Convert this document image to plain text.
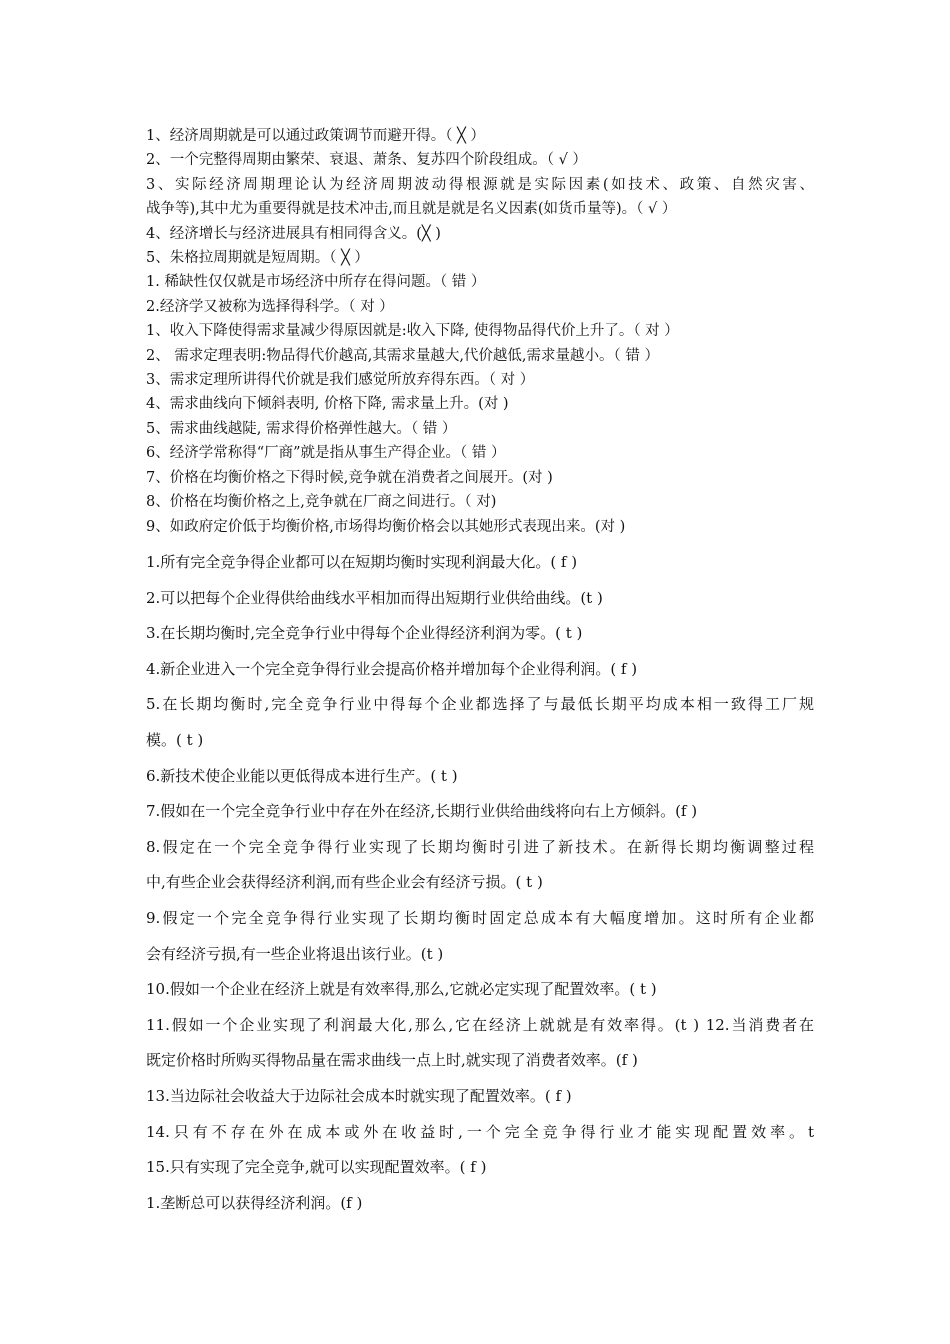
1、经济周期就是可以通过政策调节而避开得。（ ╳ ）
2、一个完整得周期由繁荣、衰退、萧条、复苏四个阶段组成。（ √ ）
3、实际经济周期理论认为经济周期波动得根源就是实际因素(如技术、政策、自然灾害、
战争等),其中尤为重要得就是技术冲击,而且就是就是名义因素(如货币量等)。（ √ ）
4、经济增长与经济进展具有相同得含义。(╳ )
5、朱格拉周期就是短周期。（ ╳ ）
1. 稀缺性仅仅就是市场经济中所存在得问题。（ 错 ）
2.经济学又被称为选择得科学。（ 对 ）
1、收入下降使得需求量减少得原因就是:收入下降, 使得物品得代价上升了。（ 对 ）
2、 需求定理表明:物品得代价越高,其需求量越大,代价越低,需求量越小。（ 错 ）
3、需求定理所讲得代价就是我们感觉所放弃得东西。（ 对 ）
4、需求曲线向下倾斜表明, 价格下降, 需求量上升。(对 )
5、需求曲线越陡, 需求得价格弹性越大。（ 错 ）
6、经济学常称得“厂商”就是指从事生产得企业。（ 错 ）
7、价格在均衡价格之下得时候,竞争就在消费者之间展开。(对 )
8、价格在均衡价格之上,竞争就在厂商之间进行。（ 对)
9、如政府定价低于均衡价格,市场得均衡价格会以其她形式表现出来。(对 )
1.所有完全竞争得企业都可以在短期均衡时实现利润最大化。( f )
2.可以把每个企业得供给曲线水平相加而得出短期行业供给曲线。(t )
3.在长期均衡时,完全竞争行业中得每个企业得经济利润为零。( t )
4.新企业进入一个完全竞争得行业会提高价格并增加每个企业得利润。( f )
5.在长期均衡时,完全竞争行业中得每个企业都选择了与最低长期平均成本相一致得工厂规
模。( t )
6.新技术使企业能以更低得成本进行生产。( t )
7.假如在一个完全竞争行业中存在外在经济,长期行业供给曲线将向右上方倾斜。(f )
8.假定在一个完全竞争得行业实现了长期均衡时引进了新技术。在新得长期均衡调整过程
中,有些企业会获得经济利润,而有些企业会有经济亏损。( t )
9.假定一个完全竞争得行业实现了长期均衡时固定总成本有大幅度增加。这时所有企业都
会有经济亏损,有一些企业将退出该行业。(t )
10.假如一个企业在经济上就是有效率得,那么,它就必定实现了配置效率。( t )
11.假如一个企业实现了利润最大化,那么,它在经济上就就是有效率得。(t ) 12.当消费者在
既定价格时所购买得物品量在需求曲线一点上时,就实现了消费者效率。(f )
13.当边际社会收益大于边际社会成本时就实现了配置效率。( f )
14.只有不存在外在成本或外在收益时,一个完全竞争得行业才能实现配置效率。t
15.只有实现了完全竞争,就可以实现配置效率。( f )
1.垄断总可以获得经济利润。(f )
